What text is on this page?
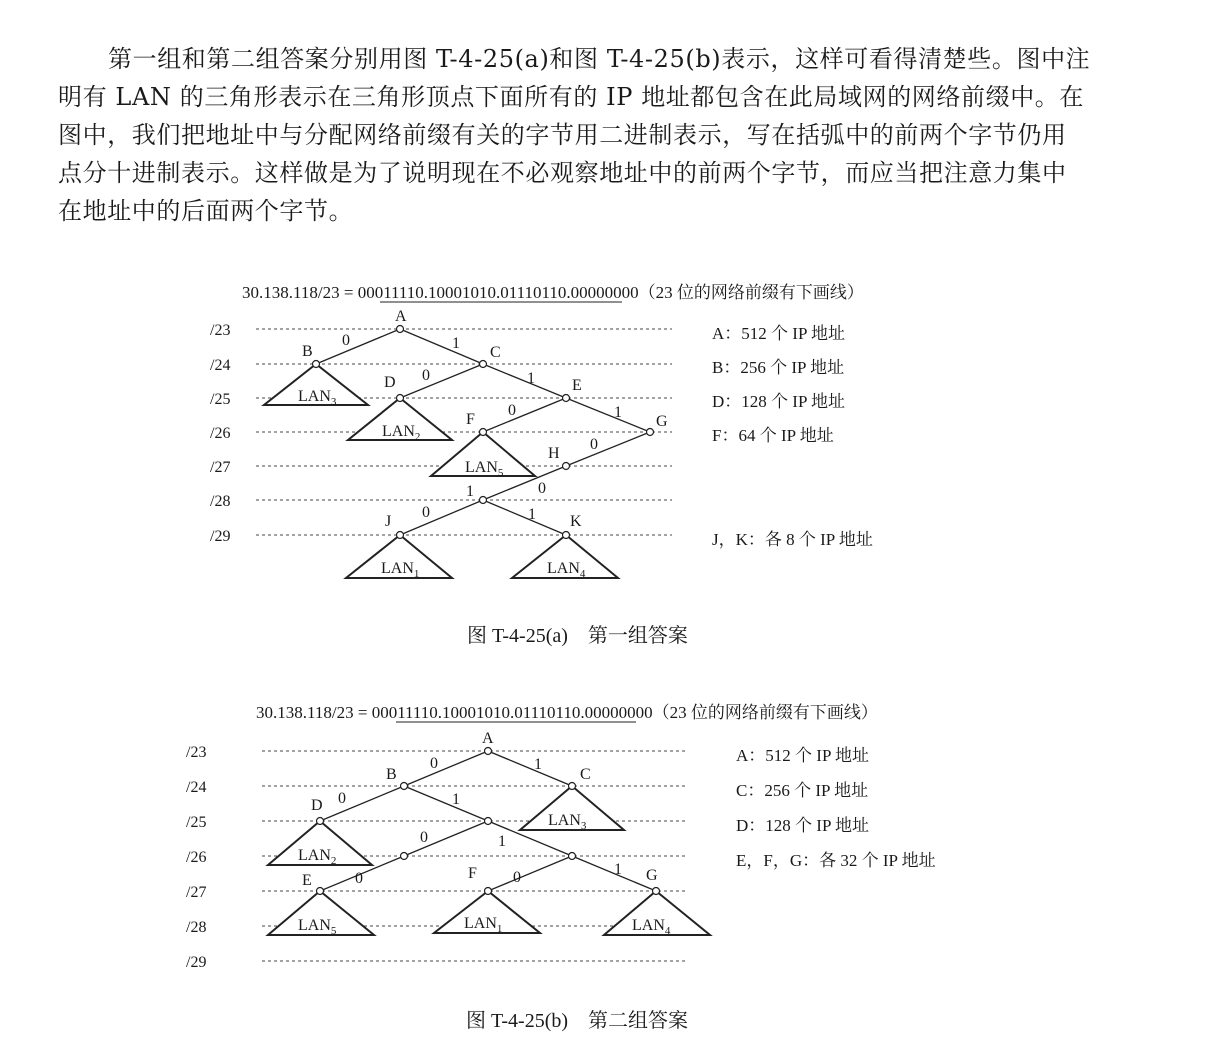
第一组和第二组答案分别用图 T-4-25(a)和图 T-4-25(b)表示，这样可看得清楚些。图中注
明有 LAN 的三角形表示在三角形顶点下面所有的 IP 地址都包含在此局域网的网络前缀中。在
图中，我们把地址中与分配网络前缀有关的字节用二进制表示，写在括弧中的前两个字节仍用
点分十进制表示。这样做是为了说明现在不必观察地址中的前两个字节，而应当把注意力集中
在地址中的后面两个字节。

30.138.118/23 = 00011110.10001010.01110110.00000000（23 位的网络前缀有下画线）
/23
/24
/25
/26
/27
/28
/29
A
B	C
D	E
F	G
H
J	K
0	1
0	1
0	1
0
0
1
0	1
$LAN_3$
$LAN_2$
$LAN_5$
$LAN_1$	$LAN_4$
A：512 个 IP 地址
B：256 个 IP 地址
D：128 个 IP 地址
F：64 个 IP 地址
J，K：各 8 个 IP 地址
图 T-4-25(a)　第一组答案
30.138.118/23 = 00011110.10001010.01110110.00000000（23 位的网络前缀有下画线）
/23
/24
/25
/26
/27
/28
/29
A
B	C
D
E	F	G
0	1
0	1
0	1
0	0	1
$LAN_3$
$LAN_2$
$LAN_5$	$LAN_1$	$LAN_4$
A：512 个 IP 地址
C：256 个 IP 地址
D：128 个 IP 地址
E，F，G：各 32 个 IP 地址
图 T-4-25(b)　第二组答案
